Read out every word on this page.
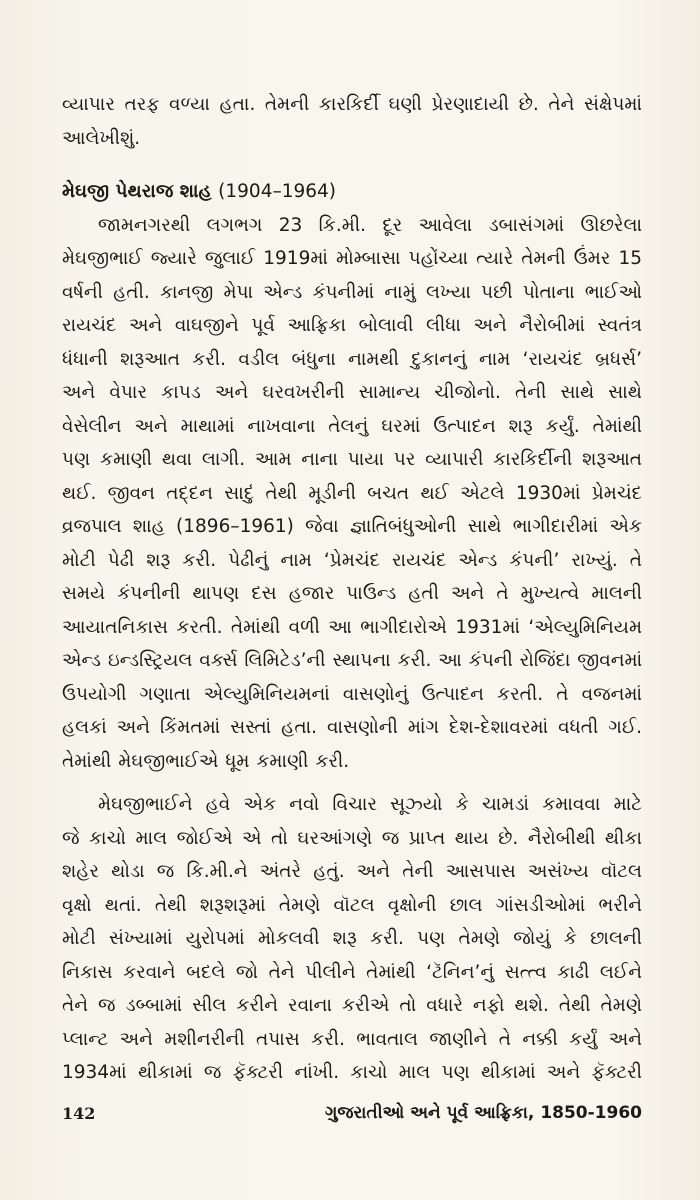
વ્યાપાર તરફ વળ્યા હતા. તેમની કારકિર્દી ઘણી પ્રેરણાદાયી છે. તેને સંક્ષેપમાં
આલેખીશું.

મેઘજી પેથરાજ શાહ (1904–1964)

જામનગરથી લગભગ 23 કિ.મી. દૂર આવેલા ડબાસંગમાં ઊછરેલા
મેઘજીભાઈ જ્યારે જુલાઈ 1919માં મોમ્બાસા પહોંચ્યા ત્યારે તેમની ઉંમર 15
વર્ષની હતી. કાનજી મેપા એન્ડ કંપનીમાં નામું લખ્યા પછી પોતાના ભાઈઓ
રાયચંદ અને વાઘજીને પૂર્વ આફ્રિકા બોલાવી લીધા અને નૈરોબીમાં સ્વતંત્ર
ધંધાની શરૂઆત કરી. વડીલ બંધુના નામથી દુકાનનું નામ ‘રાયચંદ બ્રધર્સ’
અને વેપાર કાપડ અને ઘરવખરીની સામાન્ય ચીજોનો. તેની સાથે સાથે
વેસેલીન અને માથામાં નાખવાના તેલનું ઘરમાં ઉત્પાદન શરૂ કર્યું. તેમાંથી
પણ કમાણી થવા લાગી. આમ નાના પાયા પર વ્યાપારી કારકિર્દીની શરૂઆત
થઈ. જીવન તદ્દન સાદું તેથી મૂડીની બચત થઈ એટલે 1930માં પ્રેમચંદ
વ્રજપાલ શાહ (1896–1961) જેવા જ્ઞાતિબંધુઓની સાથે ભાગીદારીમાં એક
મોટી પેઢી શરૂ કરી. પેઢીનું નામ ‘પ્રેમચંદ રાયચંદ એન્ડ કંપની’ રાખ્યું. તે
સમયે કંપનીની થાપણ દસ હજાર પાઉન્ડ હતી અને તે મુખ્યત્વે માલની
આયાતનિકાસ કરતી. તેમાંથી વળી આ ભાગીદારોએ 1931માં ‘એલ્યુમિનિયમ
એન્ડ ઇન્ડસ્ટ્રિયલ વર્ક્સ લિમિટેડ’ની સ્થાપના કરી. આ કંપની રોજિંદા જીવનમાં
ઉપયોગી ગણાતા એલ્યુમિનિયમનાં વાસણોનું ઉત્પાદન કરતી. તે વજનમાં
હલકાં અને કિંમતમાં સસ્તાં હતા. વાસણોની માંગ દેશ-દેશાવરમાં વધતી ગઈ.
તેમાંથી મેઘજીભાઈએ ધૂમ કમાણી કરી.

મેઘજીભાઈને હવે એક નવો વિચાર સૂઝ્યો કે ચામડાં કમાવવા માટે
જે કાચો માલ જોઈએ એ તો ઘરઆંગણે જ પ્રાપ્ત થાય છે. નૈરોબીથી થીકા
શહેર થોડા જ કિ.મી.ને અંતરે હતું. અને તેની આસપાસ અસંખ્ય વૉટલ
વૃક્ષો થતાં. તેથી શરૂશરૂમાં તેમણે વૉટલ વૃક્ષોની છાલ ગાંસડીઓમાં ભરીને
મોટી સંખ્યામાં યુરોપમાં મોકલવી શરૂ કરી. પણ તેમણે જોયું કે છાલની
નિકાસ કરવાને બદલે જો તેને પીલીને તેમાંથી ‘ટૅનિન’નું સત્ત્વ કાઢી લઈને
તેને જ ડબ્બામાં સીલ કરીને રવાના કરીએ તો વધારે નફો થશે. તેથી તેમણે
પ્લાન્ટ અને મશીનરીની તપાસ કરી. ભાવતાલ જાણીને તે નક્કી કર્યું અને
1934માં થીકામાં જ ફૅક્ટરી નાંખી. કાચો માલ પણ થીકામાં અને ફૅક્ટરી

142	ગુજરાતીઓ અને પૂર્વ આફ્રિકા, 1850-1960
